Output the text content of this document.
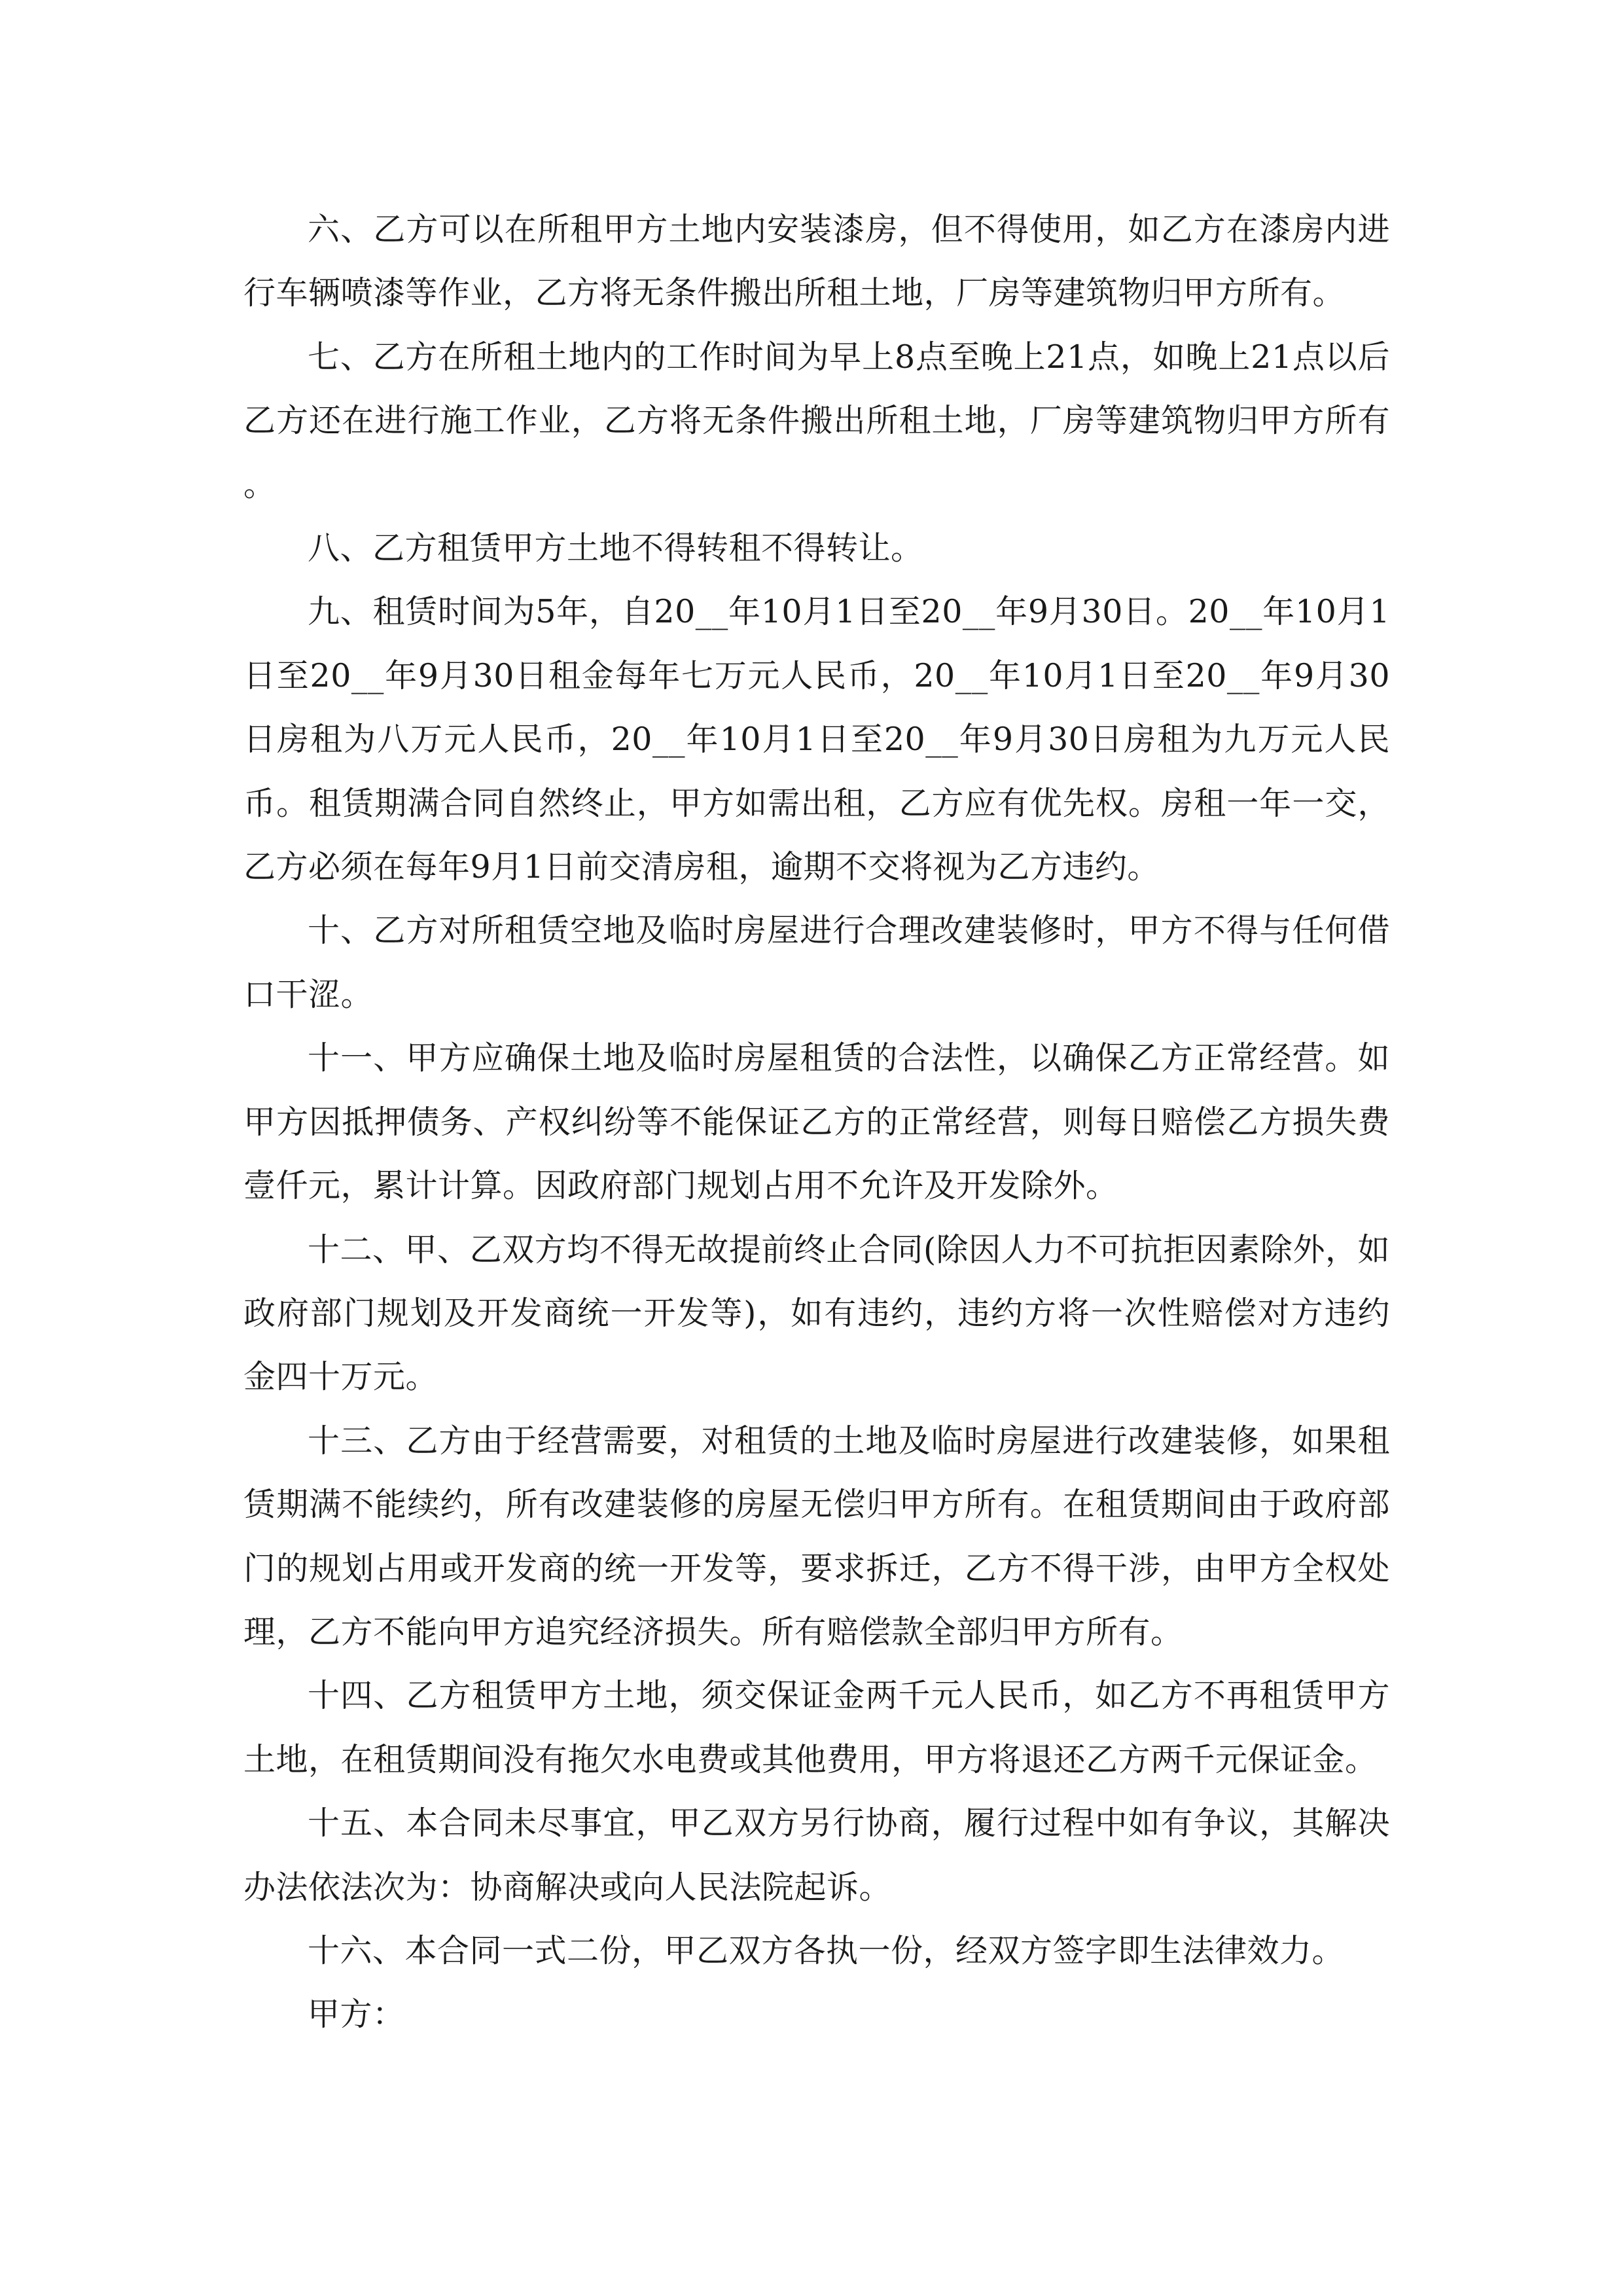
六、乙方可以在所租甲方土地内安装漆房，但不得使用，如乙方在漆房内进行车辆喷漆等作业，乙方将无条件搬出所租土地，厂房等建筑物归甲方所有。

七、乙方在所租土地内的工作时间为早上8点至晚上21点，如晚上21点以后乙方还在进行施工作业，乙方将无条件搬出所租土地，厂房等建筑物归甲方所有。

八、乙方租赁甲方土地不得转租不得转让。

九、租赁时间为5年，自20__年10月1日至20__年9月30日。20__年10月1日至20__年9月30日租金每年七万元人民币，20__年10月1日至20__年9月30日房租为八万元人民币，20__年10月1日至20__年9月30日房租为九万元人民币。租赁期满合同自然终止，甲方如需出租，乙方应有优先权。房租一年一交，乙方必须在每年9月1日前交清房租，逾期不交将视为乙方违约。

十、乙方对所租赁空地及临时房屋进行合理改建装修时，甲方不得与任何借口干涩。

十一、甲方应确保土地及临时房屋租赁的合法性，以确保乙方正常经营。如甲方因抵押债务、产权纠纷等不能保证乙方的正常经营，则每日赔偿乙方损失费壹仟元，累计计算。因政府部门规划占用不允许及开发除外。

十二、甲、乙双方均不得无故提前终止合同(除因人力不可抗拒因素除外，如政府部门规划及开发商统一开发等)，如有违约，违约方将一次性赔偿对方违约金四十万元。

十三、乙方由于经营需要，对租赁的土地及临时房屋进行改建装修，如果租赁期满不能续约，所有改建装修的房屋无偿归甲方所有。在租赁期间由于政府部门的规划占用或开发商的统一开发等，要求拆迁，乙方不得干涉，由甲方全权处理，乙方不能向甲方追究经济损失。所有赔偿款全部归甲方所有。

十四、乙方租赁甲方土地，须交保证金两千元人民币，如乙方不再租赁甲方土地，在租赁期间没有拖欠水电费或其他费用，甲方将退还乙方两千元保证金。

十五、本合同未尽事宜，甲乙双方另行协商，履行过程中如有争议，其解决办法依法次为：协商解决或向人民法院起诉。

十六、本合同一式二份，甲乙双方各执一份，经双方签字即生法律效力。

甲方：
